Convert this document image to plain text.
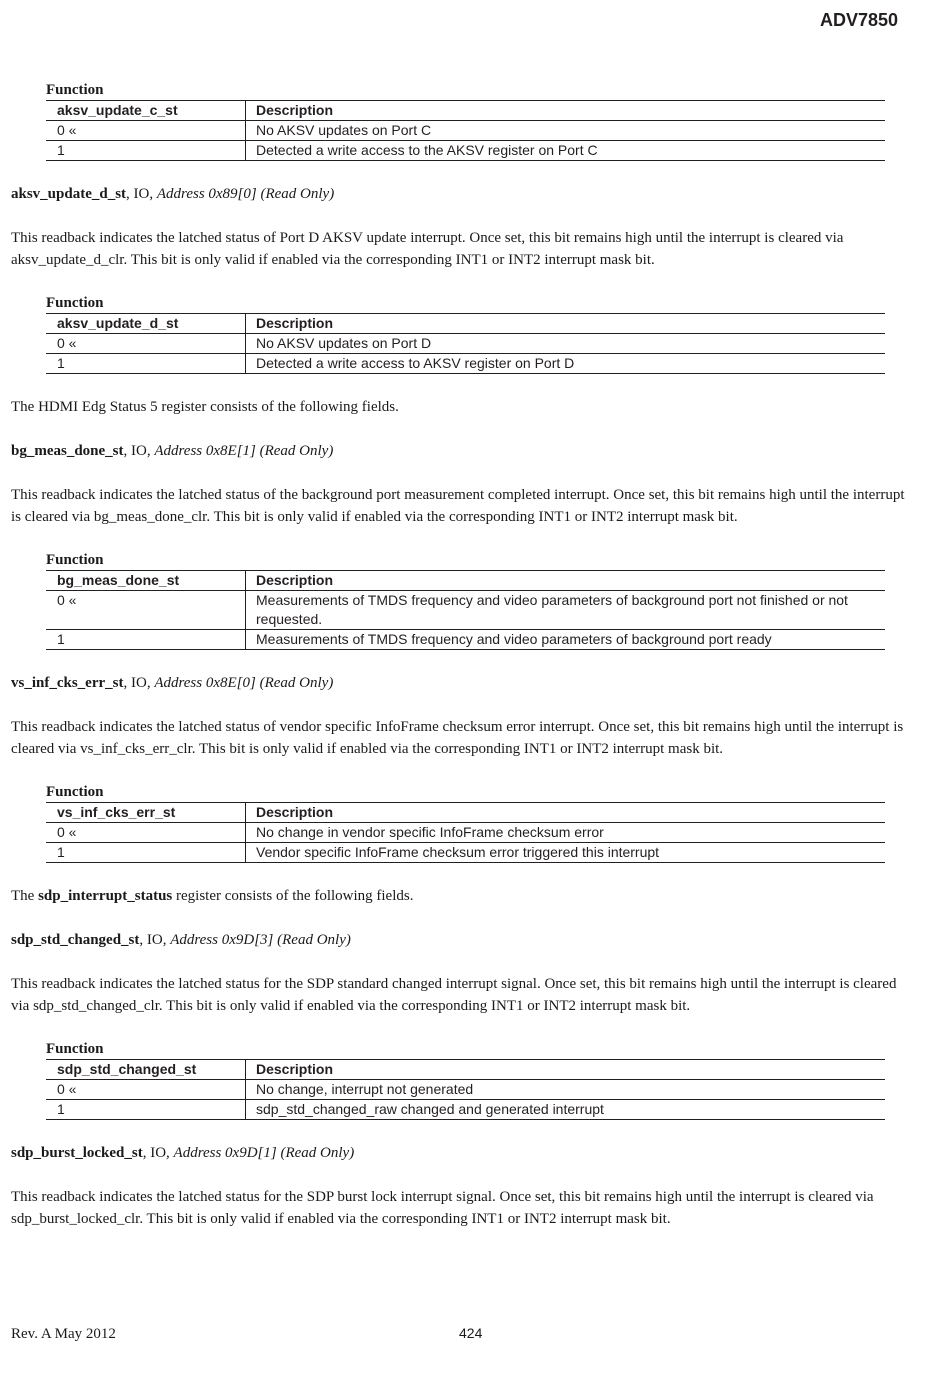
ADV7850
Function
aksv_update_c_st	Description
0 «	No AKSV updates on Port C
1	Detected a write access to the AKSV register on Port C
aksv_update_d_st, IO, Address 0x89[0] (Read Only)

This readback indicates the latched status of Port D AKSV update interrupt. Once set, this bit remains high until the interrupt is cleared via aksv_update_d_clr. This bit is only valid if enabled via the corresponding INT1 or INT2 interrupt mask bit.

Function
aksv_update_d_st	Description
0 «	No AKSV updates on Port D
1	Detected a write access to AKSV register on Port D

The HDMI Edg Status 5 register consists of the following fields.

bg_meas_done_st, IO, Address 0x8E[1] (Read Only)

This readback indicates the latched status of the background port measurement completed interrupt. Once set, this bit remains high until the interrupt is cleared via bg_meas_done_clr. This bit is only valid if enabled via the corresponding INT1 or INT2 interrupt mask bit.

Function
bg_meas_done_st	Description
0 «	Measurements of TMDS frequency and video parameters of background port not finished or not requested.
1	Measurements of TMDS frequency and video parameters of background port ready
vs_inf_cks_err_st, IO, Address 0x8E[0] (Read Only)

This readback indicates the latched status of vendor specific InfoFrame checksum error interrupt. Once set, this bit remains high until the interrupt is cleared via vs_inf_cks_err_clr. This bit is only valid if enabled via the corresponding INT1 or INT2 interrupt mask bit.

Function
vs_inf_cks_err_st	Description
0 «	No change in vendor specific InfoFrame checksum error
1	Vendor specific InfoFrame checksum error triggered this interrupt

The sdp_interrupt_status register consists of the following fields.

sdp_std_changed_st, IO, Address 0x9D[3] (Read Only)

This readback indicates the latched status for the SDP standard changed interrupt signal. Once set, this bit remains high until the interrupt is cleared via sdp_std_changed_clr. This bit is only valid if enabled via the corresponding INT1 or INT2 interrupt mask bit.

Function
sdp_std_changed_st	Description
0 «	No change, interrupt not generated
1	sdp_std_changed_raw changed and generated interrupt
sdp_burst_locked_st, IO, Address 0x9D[1] (Read Only)

This readback indicates the latched status for the SDP burst lock interrupt signal. Once set, this bit remains high until the interrupt is cleared via sdp_burst_locked_clr. This bit is only valid if enabled via the corresponding INT1 or INT2 interrupt mask bit.

Rev. A May 2012	424
